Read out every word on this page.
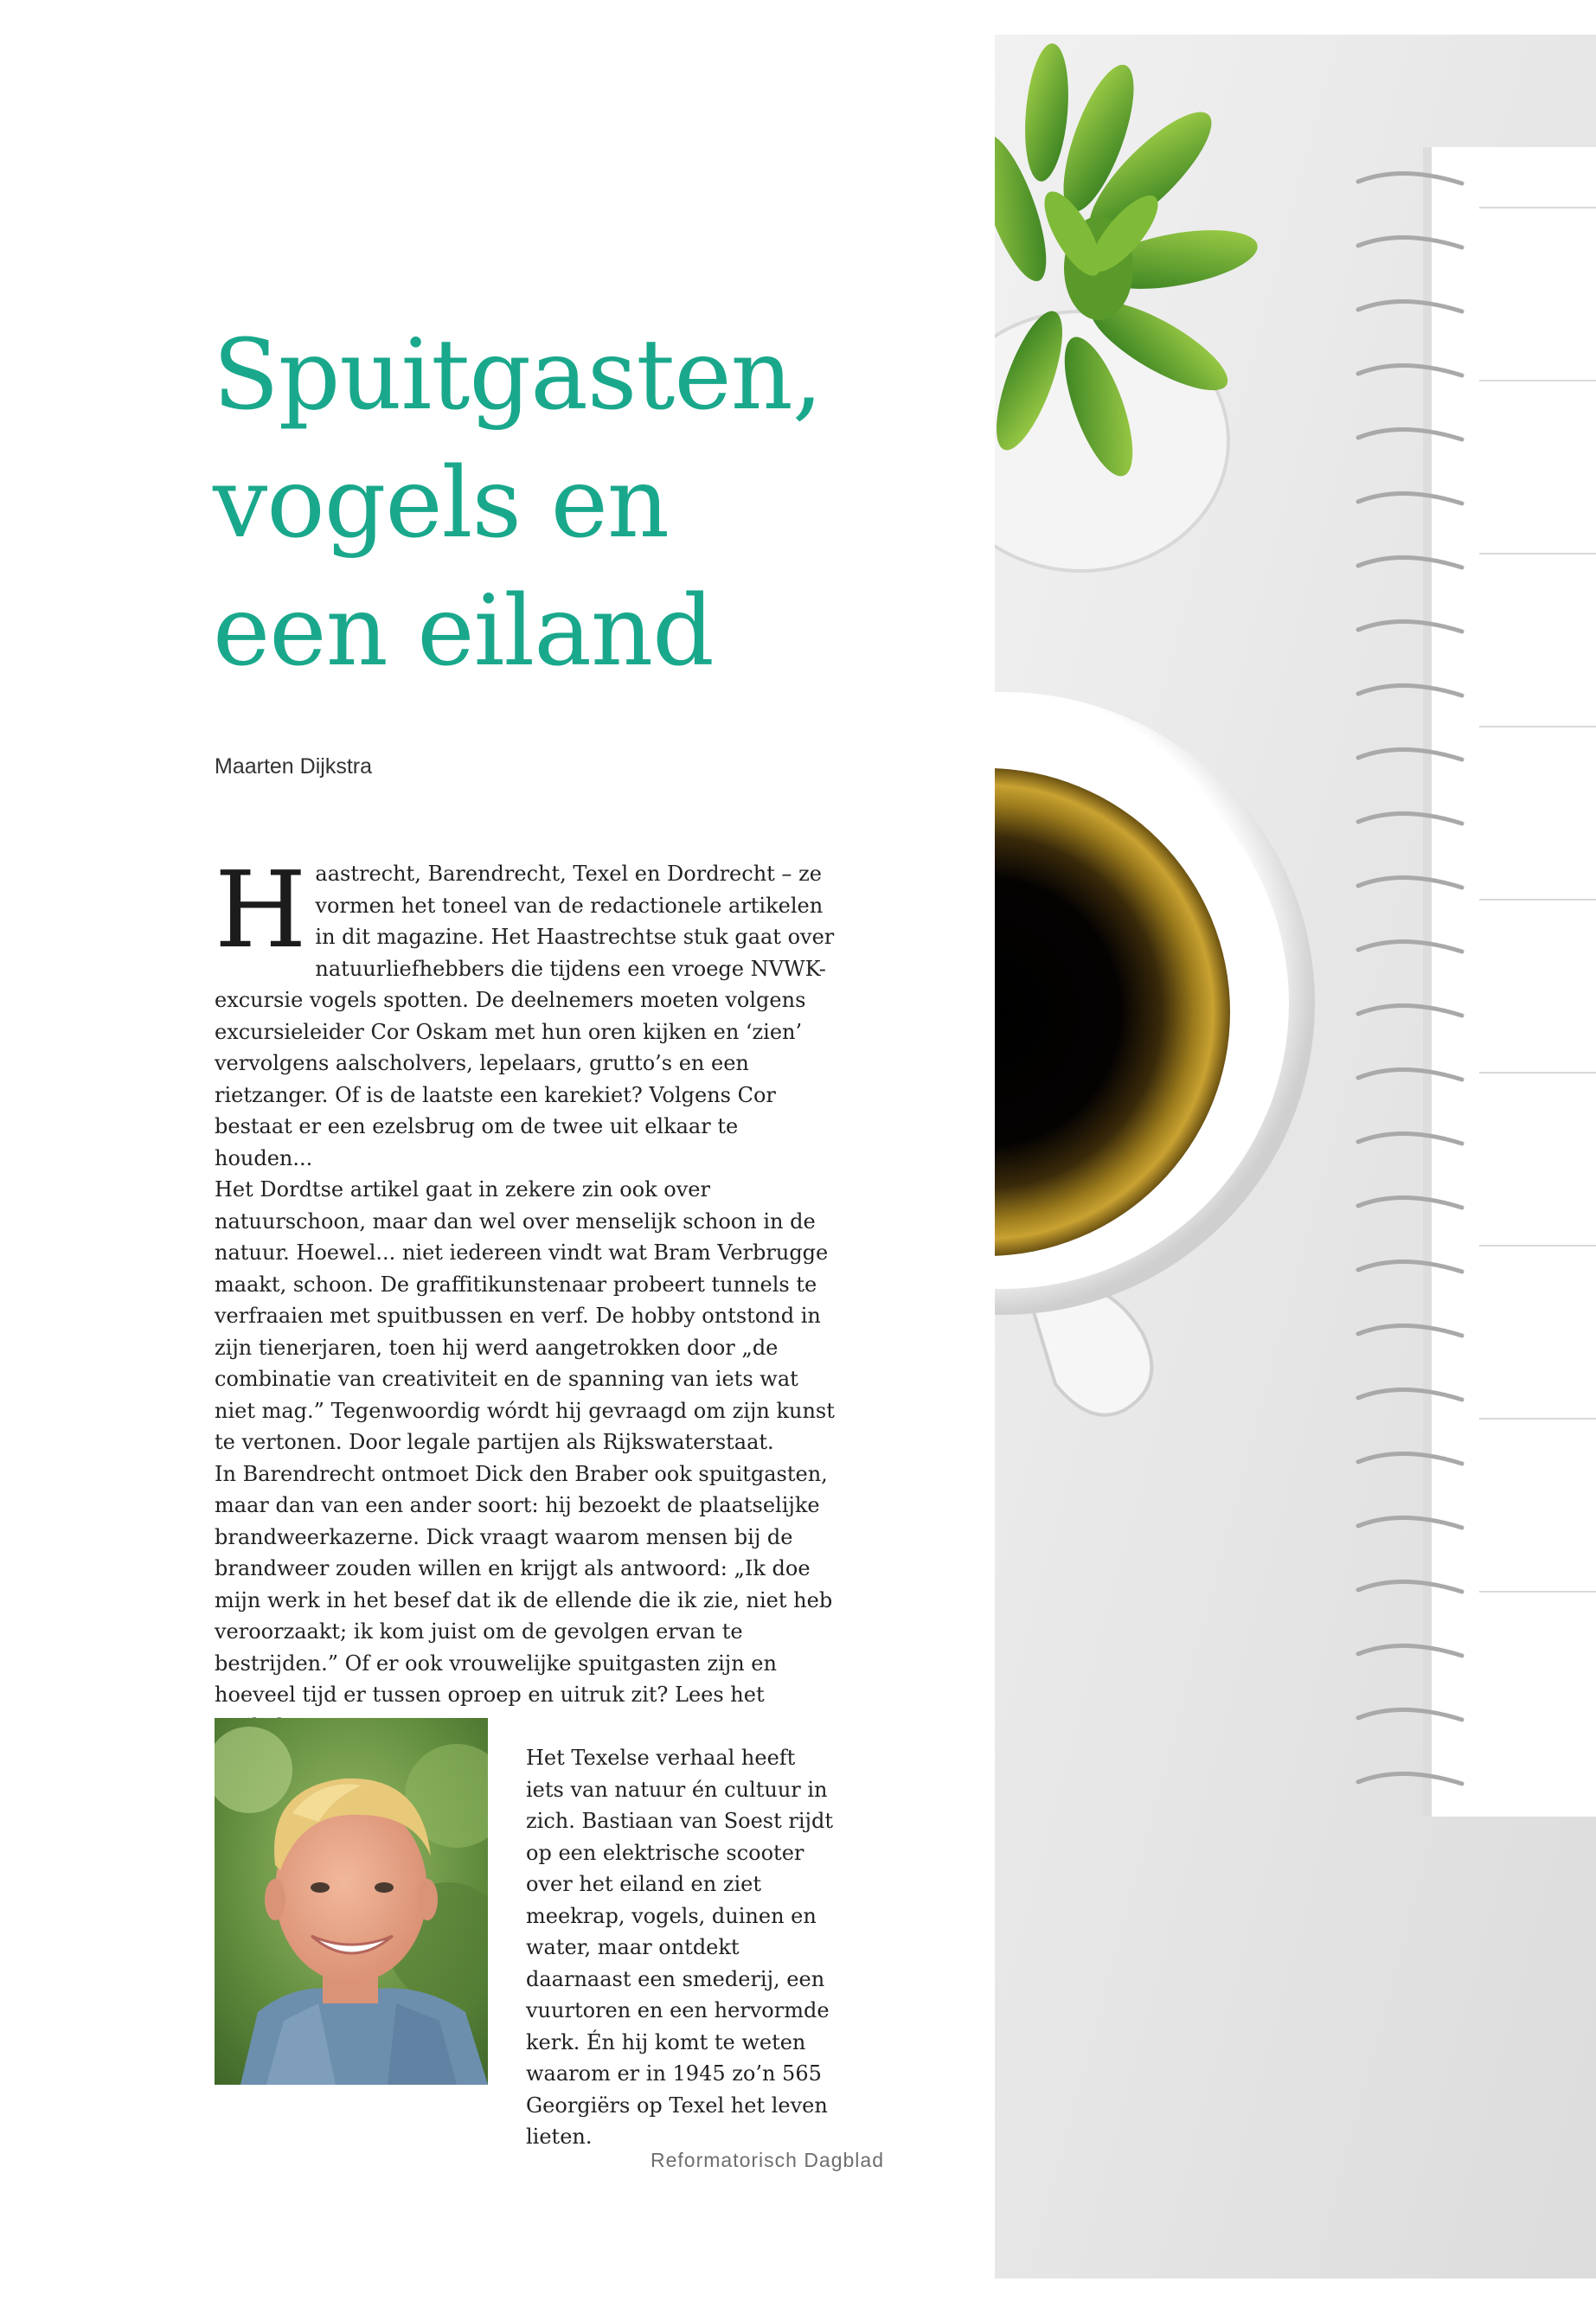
Spuitgasten,
vogels en
een eiland
Maarten Dijkstra

Haastrecht, Barendrecht, Texel en Dordrecht – ze vormen het toneel van de redactionele artikelen in dit magazine. Het Haastrechtse stuk gaat over natuurliefhebbers die tijdens een vroege NVWK-excursie vogels spotten. De deelnemers moeten volgens excursieleider Cor Oskam met hun oren kijken en ‘zien’ vervolgens aalscholvers, lepelaars, grutto’s en een rietzanger. Of is de laatste een karekiet? Volgens Cor bestaat er een ezelsbrug om de twee uit elkaar te houden...

Het Dordtse artikel gaat in zekere zin ook over natuurschoon, maar dan wel over menselijk schoon in de natuur. Hoewel... niet iedereen vindt wat Bram Verbrugge maakt, schoon. De graffitikunstenaar probeert tunnels te verfraaien met spuitbussen en verf. De hobby ontstond in zijn tienerjaren, toen hij werd aangetrokken door „de combinatie van creativiteit en de spanning van iets wat niet mag.” Tegenwoordig wórdt hij gevraagd om zijn kunst te vertonen. Door legale partijen als Rijkswaterstaat.

In Barendrecht ontmoet Dick den Braber ook spuitgasten, maar dan van een ander soort: hij bezoekt de plaatselijke brandweerkazerne. Dick vraagt waarom mensen bij de brandweer zouden willen en krijgt als antwoord: „Ik doe mijn werk in het besef dat ik de ellende die ik zie, niet heb veroorzaakt; ik kom juist om de gevolgen ervan te bestrijden.” Of er ook vrouwelijke spuitgasten zijn en hoeveel tijd er tussen oproep en uitruk zit? Lees het

Het Texelse verhaal heeft iets van natuur én cultuur in zich. Bastiaan van Soest rijdt op een elektrische scooter over het eiland en ziet meekrap, vogels, duinen en water, maar ontdekt daarnaast een smederij, een vuurtoren en een hervormde kerk. Én hij komt te weten waarom er in 1945 zo’n 565 Georgiërs op Texel het leven lieten.

Reformatorisch Dagblad
